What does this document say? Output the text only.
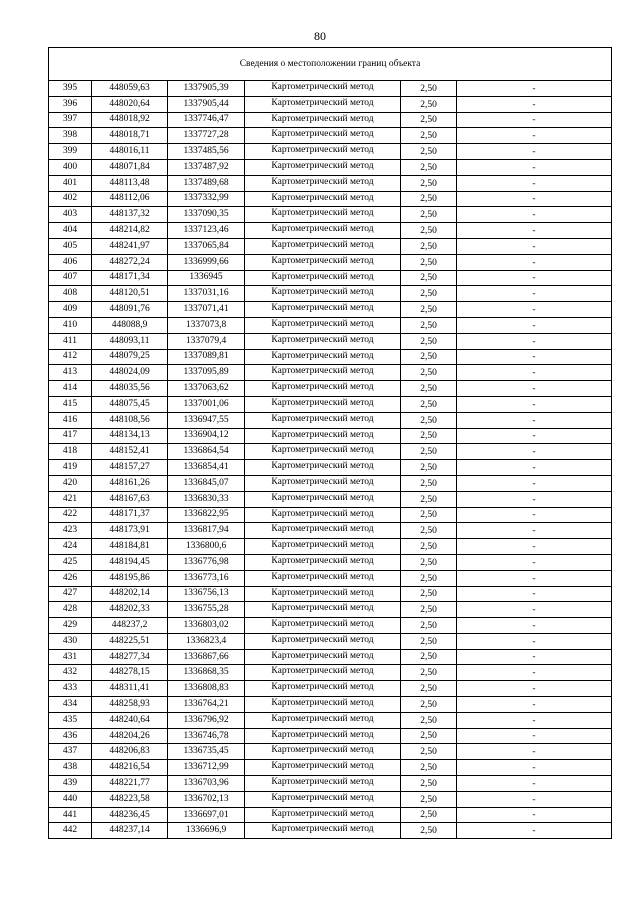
80
Сведения о местоположении границ объекта
395	448059,63	1337905,39	Картометрический метод	2,50	-
396	448020,64	1337905,44	Картометрический метод	2,50	-
397	448018,92	1337746,47	Картометрический метод	2,50	-
398	448018,71	1337727,28	Картометрический метод	2,50	-
399	448016,11	1337485,56	Картометрический метод	2,50	-
400	448071,84	1337487,92	Картометрический метод	2,50	-
401	448113,48	1337489,68	Картометрический метод	2,50	-
402	448112,06	1337332,99	Картометрический метод	2,50	-
403	448137,32	1337090,35	Картометрический метод	2,50	-
404	448214,82	1337123,46	Картометрический метод	2,50	-
405	448241,97	1337065,84	Картометрический метод	2,50	-
406	448272,24	1336999,66	Картометрический метод	2,50	-
407	448171,34	1336945	Картометрический метод	2,50	-
408	448120,51	1337031,16	Картометрический метод	2,50	-
409	448091,76	1337071,41	Картометрический метод	2,50	-
410	448088,9	1337073,8	Картометрический метод	2,50	-
411	448093,11	1337079,4	Картометрический метод	2,50	-
412	448079,25	1337089,81	Картометрический метод	2,50	-
413	448024,09	1337095,89	Картометрический метод	2,50	-
414	448035,56	1337063,62	Картометрический метод	2,50	-
415	448075,45	1337001,06	Картометрический метод	2,50	-
416	448108,56	1336947,55	Картометрический метод	2,50	-
417	448134,13	1336904,12	Картометрический метод	2,50	-
418	448152,41	1336864,54	Картометрический метод	2,50	-
419	448157,27	1336854,41	Картометрический метод	2,50	-
420	448161,26	1336845,07	Картометрический метод	2,50	-
421	448167,63	1336830,33	Картометрический метод	2,50	-
422	448171,37	1336822,95	Картометрический метод	2,50	-
423	448173,91	1336817,94	Картометрический метод	2,50	-
424	448184,81	1336800,6	Картометрический метод	2,50	-
425	448194,45	1336776,98	Картометрический метод	2,50	-
426	448195,86	1336773,16	Картометрический метод	2,50	-
427	448202,14	1336756,13	Картометрический метод	2,50	-
428	448202,33	1336755,28	Картометрический метод	2,50	-
429	448237,2	1336803,02	Картометрический метод	2,50	-
430	448225,51	1336823,4	Картометрический метод	2,50	-
431	448277,34	1336867,66	Картометрический метод	2,50	-
432	448278,15	1336868,35	Картометрический метод	2,50	-
433	448311,41	1336808,83	Картометрический метод	2,50	-
434	448258,93	1336764,21	Картометрический метод	2,50	-
435	448240,64	1336796,92	Картометрический метод	2,50	-
436	448204,26	1336746,78	Картометрический метод	2,50	-
437	448206,83	1336735,45	Картометрический метод	2,50	-
438	448216,54	1336712,99	Картометрический метод	2,50	-
439	448221,77	1336703,96	Картометрический метод	2,50	-
440	448223,58	1336702,13	Картометрический метод	2,50	-
441	448236,45	1336697,01	Картометрический метод	2,50	-
442	448237,14	1336696,9	Картометрический метод	2,50	-
